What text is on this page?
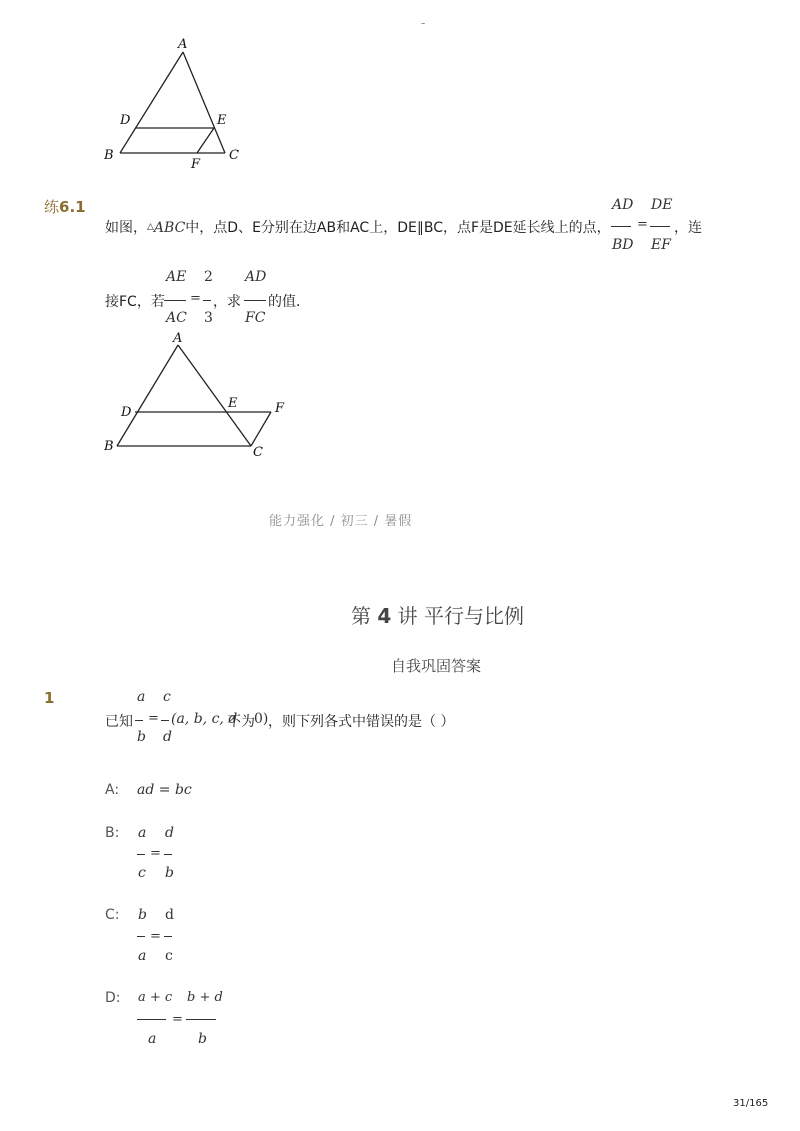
-
A
D	E
B	C
F
练6.1
如图，△ABC中，点D、E分别在边AB和AC上，DE∥BC，点F是DE延长线上的点，
AD
BD
=
DE
EF
，连
接FC，若
AE
AC
=
2
3
，求
AD
FC
的值．
A
D
E	F
B	C
能力强化 / 初三 / 暑假
第 4 讲 平行与比例
自我巩固答案
1
已知
a
b
=
c
d
(a, b, c, d
不为 0) ，则下列各式中错误的是（ ）
A: ad = bc
B: a
c
=
d
b
C: b
a
=
d
c
D: a + c
a
=
b + d
b
31/165
